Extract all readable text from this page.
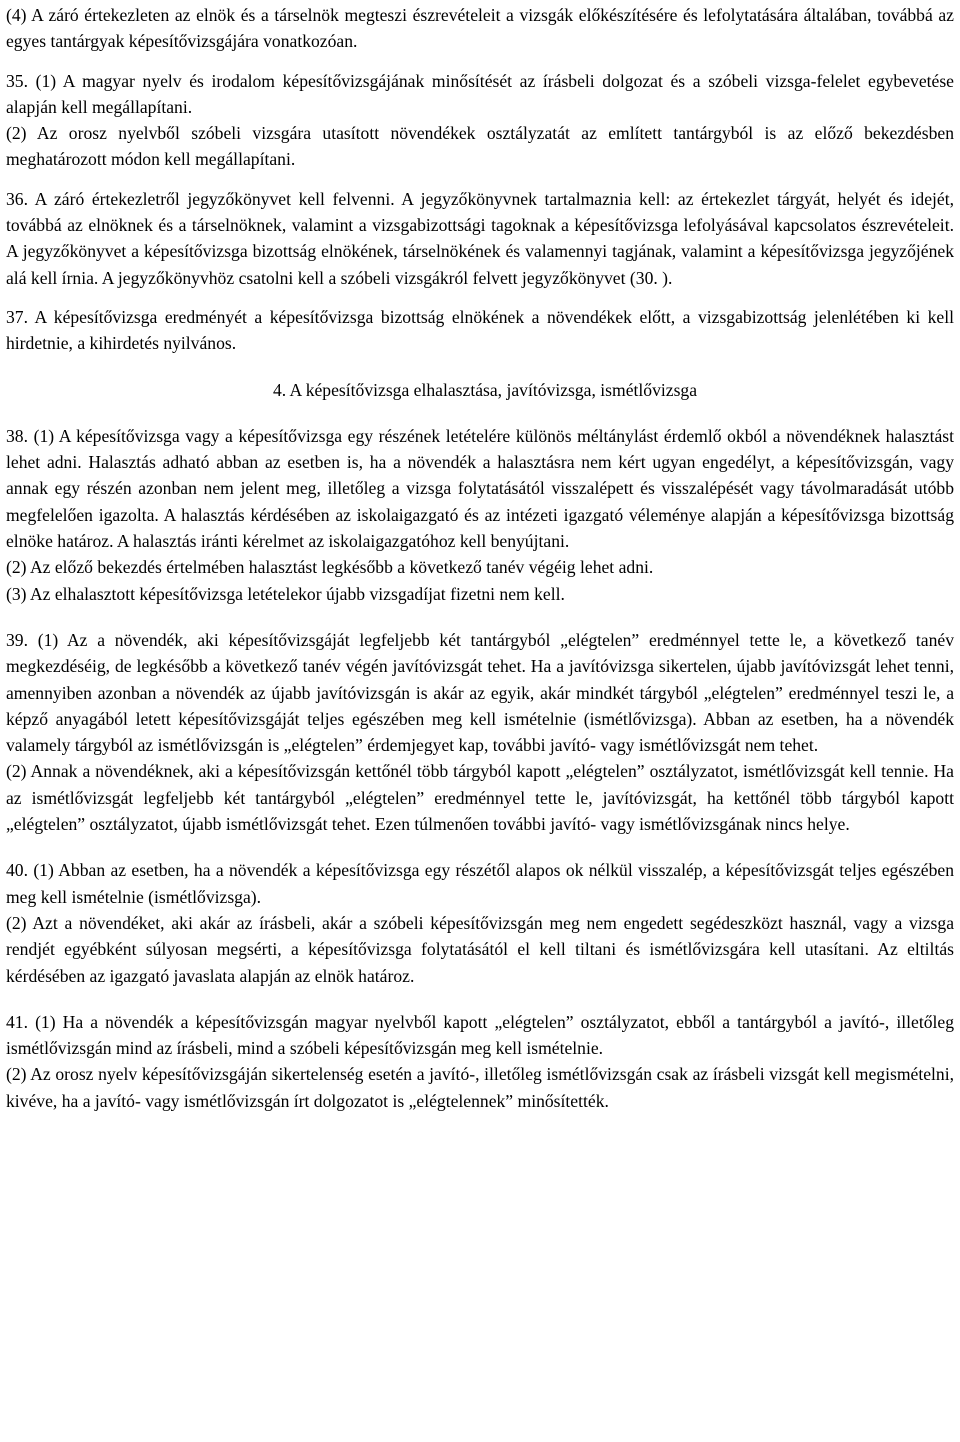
(4) A záró értekezleten az elnök és a társelnök megteszi észrevételeit a vizsgák előkészítésére és lefolytatására általában, továbbá az egyes tantárgyak képesítővizsgájára vonatkozóan.

35. (1) A magyar nyelv és irodalom képesítővizsgájának minősítését az írásbeli dolgozat és a szóbeli vizsga-felelet egybevetése alapján kell megállapítani.

(2) Az orosz nyelvből szóbeli vizsgára utasított növendékek osztályzatát az említett tantárgyból is az előző bekezdésben meghatározott módon kell megállapítani.

36. A záró értekezletről jegyzőkönyvet kell felvenni. A jegyzőkönyvnek tartalmaznia kell: az értekezlet tárgyát, helyét és idejét, továbbá az elnöknek és a társelnöknek, valamint a vizsgabizottsági tagoknak a képesítővizsga lefolyásával kapcsolatos észrevételeit. A jegyzőkönyvet a képesítővizsga bizottság elnökének, társelnökének és valamennyi tagjának, valamint a képesítővizsga jegyzőjének alá kell írnia. A jegyzőkönyvhöz csatolni kell a szóbeli vizsgákról felvett jegyzőkönyvet (30. ).

37. A képesítővizsga eredményét a képesítővizsga bizottság elnökének a növendékek előtt, a vizsgabizottság jelenlétében ki kell hirdetnie, a kihirdetés nyilvános.

4. A képesítővizsga elhalasztása, javítóvizsga, ismétlővizsga

38. (1) A képesítővizsga vagy a képesítővizsga egy részének letételére különös méltánylást érdemlő okból a növendéknek halasztást lehet adni. Halasztás adható abban az esetben is, ha a növendék a halasztásra nem kért ugyan engedélyt, a képesítővizsgán, vagy annak egy részén azonban nem jelent meg, illetőleg a vizsga folytatásától visszalépett és visszalépését vagy távolmaradását utóbb megfelelően igazolta. A halasztás kérdésében az iskolaigazgató és az intézeti igazgató véleménye alapján a képesítővizsga bizottság elnöke határoz. A halasztás iránti kérelmet az iskolaigazgatóhoz kell benyújtani.

(2) Az előző bekezdés értelmében halasztást legkésőbb a következő tanév végéig lehet adni.

(3) Az elhalasztott képesítővizsga letételekor újabb vizsgadíjat fizetni nem kell.

39. (1) Az a növendék, aki képesítővizsgáját legfeljebb két tantárgyból „elégtelen” eredménnyel tette le, a következő tanév megkezdéséig, de legkésőbb a következő tanév végén javítóvizsgát tehet. Ha a javítóvizsga sikertelen, újabb javítóvizsgát lehet tenni, amennyiben azonban a növendék az újabb javítóvizsgán is akár az egyik, akár mindkét tárgyból „elégtelen” eredménnyel teszi le, a képző anyagából letett képesítővizsgáját teljes egészében meg kell ismételnie (ismétlővizsga). Abban az esetben, ha a növendék valamely tárgyból az ismétlővizsgán is „elégtelen” érdemjegyet kap, további javító- vagy ismétlővizsgát nem tehet.

(2) Annak a növendéknek, aki a képesítővizsgán kettőnél több tárgyból kapott „elégtelen” osztályzatot, ismétlővizsgát kell tennie. Ha az ismétlővizsgát legfeljebb két tantárgyból „elégtelen” eredménnyel tette le, javítóvizsgát, ha kettőnél több tárgyból kapott „elégtelen” osztályzatot, újabb ismétlővizsgát tehet. Ezen túlmenően további javító- vagy ismétlővizsgának nincs helye.

40. (1) Abban az esetben, ha a növendék a képesítővizsga egy részétől alapos ok nélkül visszalép, a képesítővizsgát teljes egészében meg kell ismételnie (ismétlővizsga).

(2) Azt a növendéket, aki akár az írásbeli, akár a szóbeli képesítővizsgán meg nem engedett segédeszközt használ, vagy a vizsga rendjét egyébként súlyosan megsérti, a képesítővizsga folytatásától el kell tiltani és ismétlővizsgára kell utasítani. Az eltiltás kérdésében az igazgató javaslata alapján az elnök határoz.

41. (1) Ha a növendék a képesítővizsgán magyar nyelvből kapott „elégtelen” osztályzatot, ebből a tantárgyból a javító-, illetőleg ismétlővizsgán mind az írásbeli, mind a szóbeli képesítővizsgán meg kell ismételnie.

(2) Az orosz nyelv képesítővizsgáján sikertelenség esetén a javító-, illetőleg ismétlővizsgán csak az írásbeli vizsgát kell megismételni, kivéve, ha a javító- vagy ismétlővizsgán írt dolgozatot is „elégtelennek” minősítették.
